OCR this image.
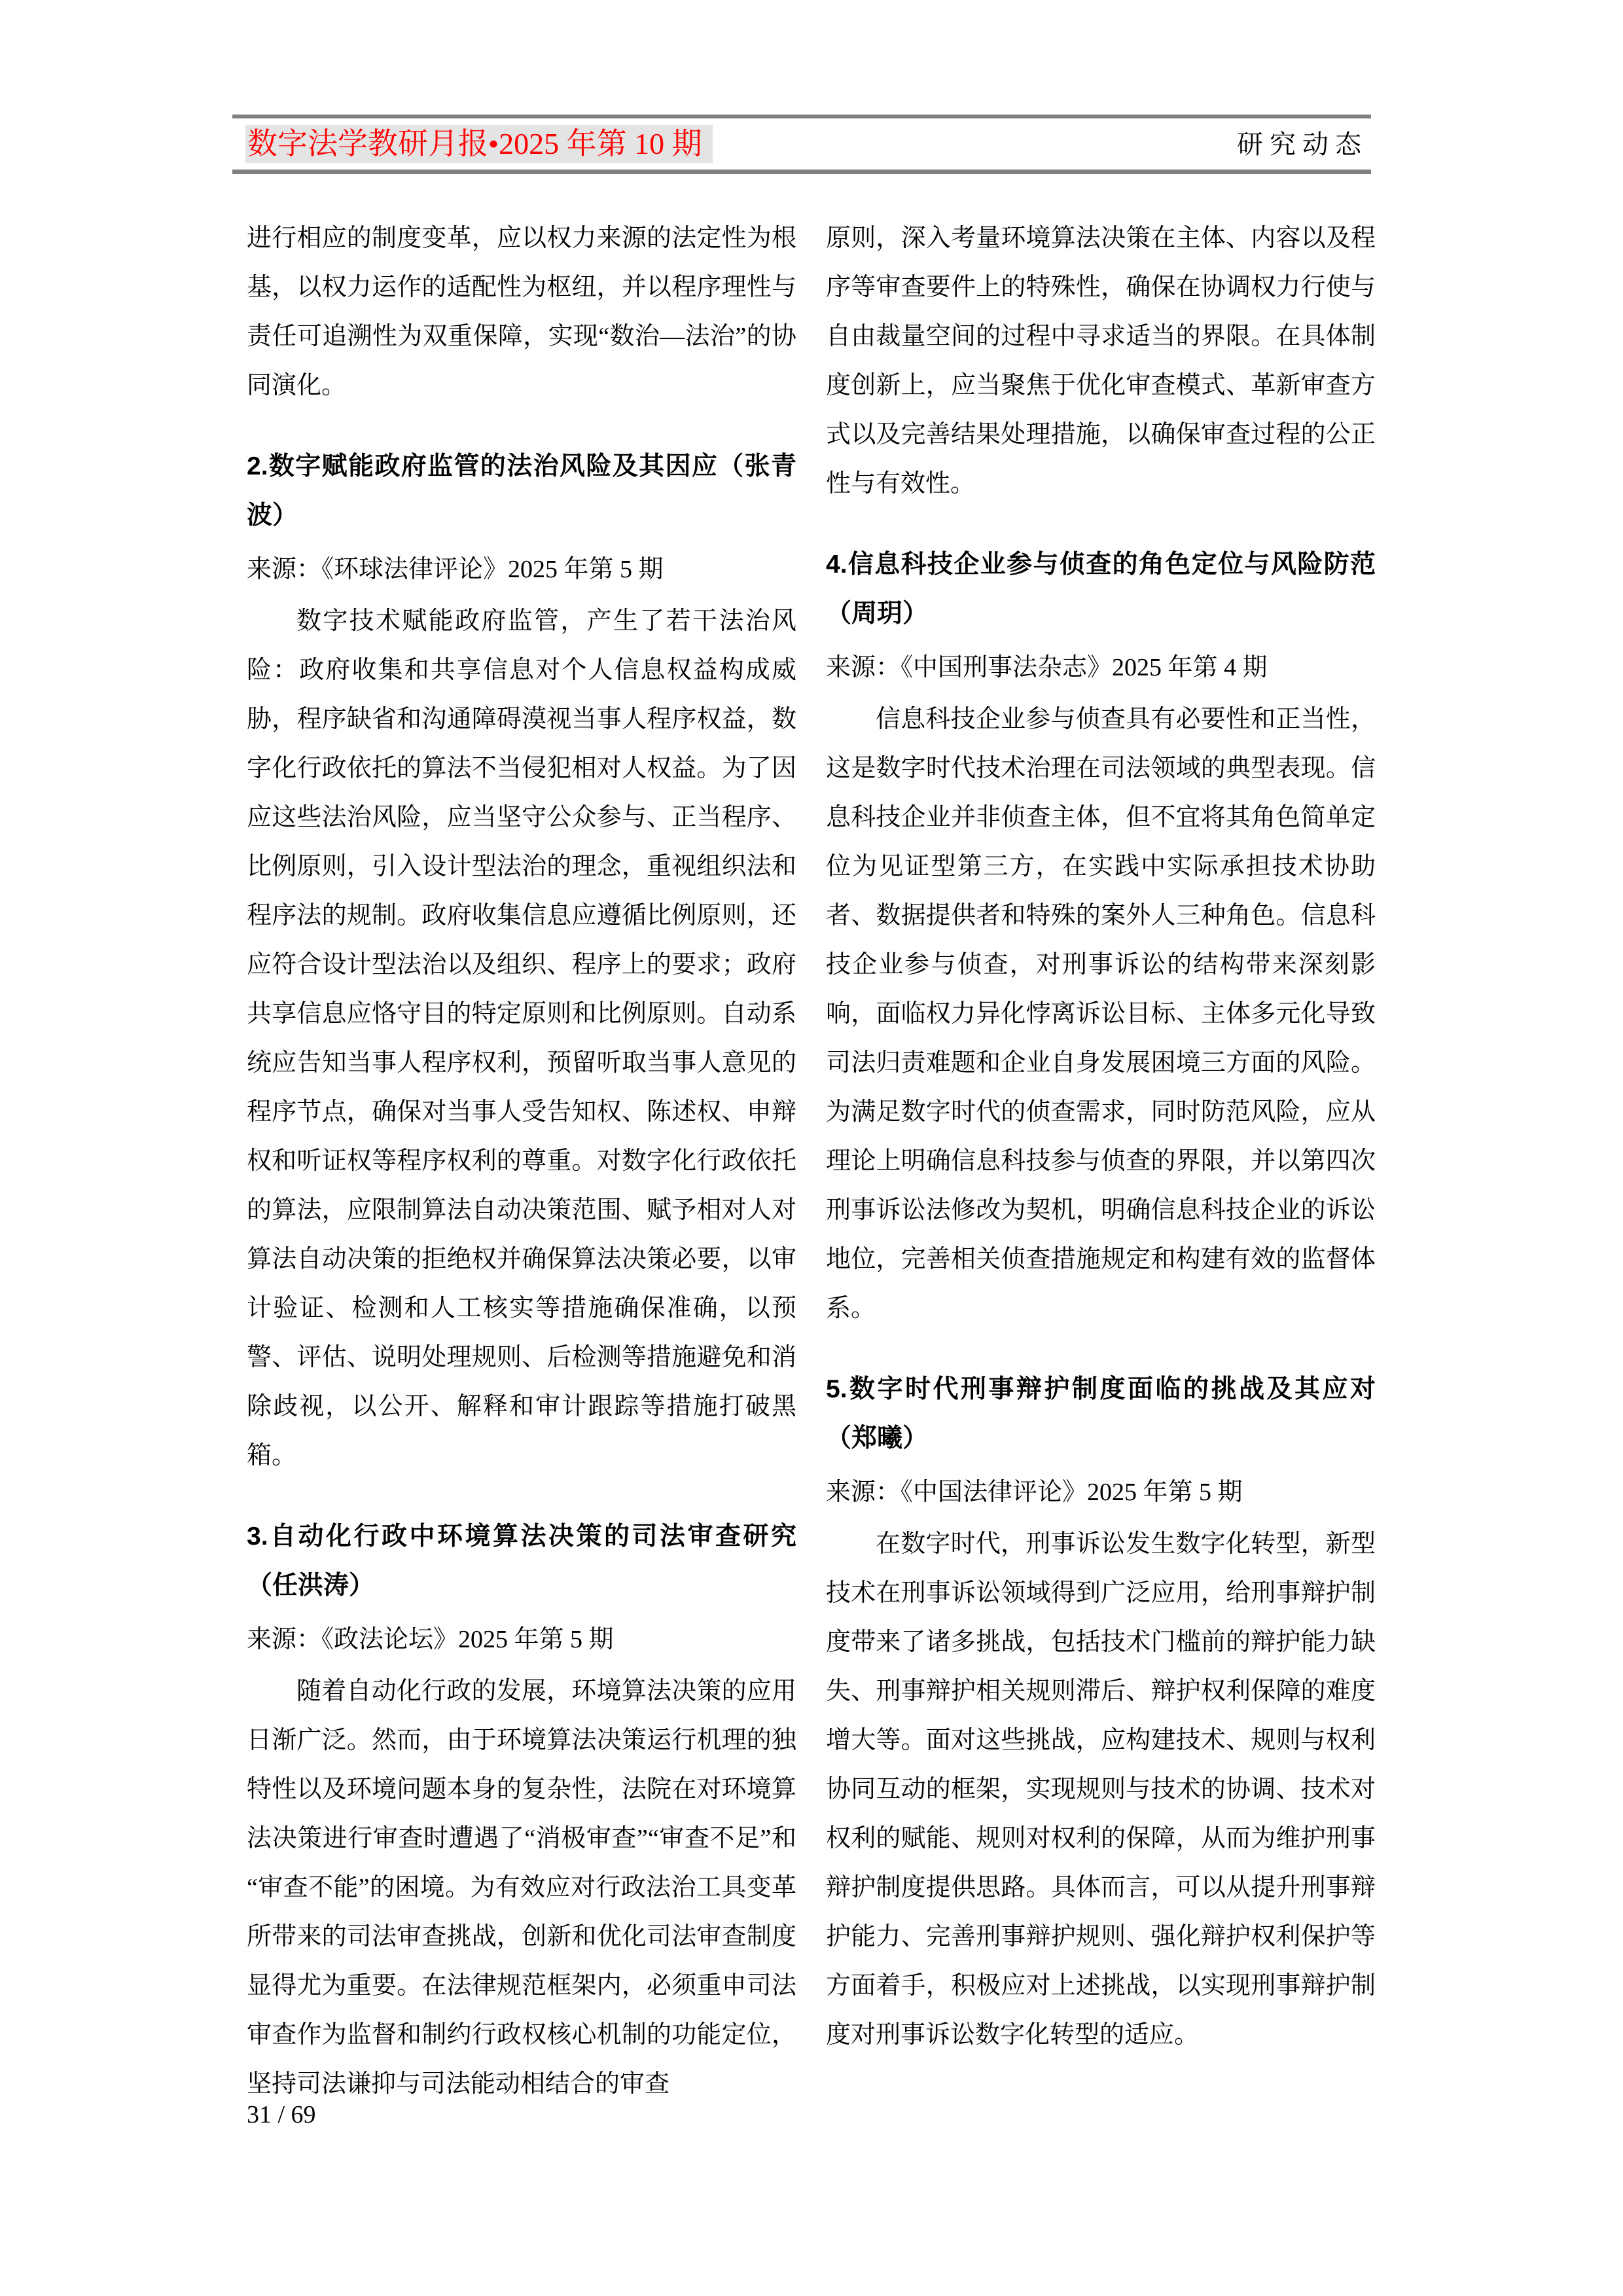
数字法学教研月报•2025 年第 10 期	研究动态

进行相应的制度变革，应以权力来源的法定性为根基，以权力运作的适配性为枢纽，并以程序理性与责任可追溯性为双重保障，实现“数治—法治”的协同演化。

2.数字赋能政府监管的法治风险及其因应（张青波）

来源：《环球法律评论》2025 年第 5 期

数字技术赋能政府监管，产生了若干法治风险：政府收集和共享信息对个人信息权益构成威胁，程序缺省和沟通障碍漠视当事人程序权益，数字化行政依托的算法不当侵犯相对人权益。为了因应这些法治风险，应当坚守公众参与、正当程序、比例原则，引入设计型法治的理念，重视组织法和程序法的规制。政府收集信息应遵循比例原则，还应符合设计型法治以及组织、程序上的要求；政府共享信息应恪守目的特定原则和比例原则。自动系统应告知当事人程序权利，预留听取当事人意见的程序节点，确保对当事人受告知权、陈述权、申辩权和听证权等程序权利的尊重。对数字化行政依托的算法，应限制算法自动决策范围、赋予相对人对算法自动决策的拒绝权并确保算法决策必要，以审计验证、检测和人工核实等措施确保准确，以预警、评估、说明处理规则、后检测等措施避免和消除歧视，以公开、解释和审计跟踪等措施打破黑箱。

3.自动化行政中环境算法决策的司法审查研究（任洪涛）

来源：《政法论坛》2025 年第 5 期

随着自动化行政的发展，环境算法决策的应用日渐广泛。然而，由于环境算法决策运行机理的独特性以及环境问题本身的复杂性，法院在对环境算法决策进行审查时遭遇了“消极审查”“审查不足”和“审查不能”的困境。为有效应对行政法治工具变革所带来的司法审查挑战，创新和优化司法审查制度显得尤为重要。在法律规范框架内，必须重申司法审查作为监督和制约行政权核心机制的功能定位，坚持司法谦抑与司法能动相结合的审查

原则，深入考量环境算法决策在主体、内容以及程序等审查要件上的特殊性，确保在协调权力行使与自由裁量空间的过程中寻求适当的界限。在具体制度创新上，应当聚焦于优化审查模式、革新审查方式以及完善结果处理措施，以确保审查过程的公正性与有效性。

4.信息科技企业参与侦查的角色定位与风险防范（周玥）

来源：《中国刑事法杂志》2025 年第 4 期

信息科技企业参与侦查具有必要性和正当性，这是数字时代技术治理在司法领域的典型表现。信息科技企业并非侦查主体，但不宜将其角色简单定位为见证型第三方，在实践中实际承担技术协助者、数据提供者和特殊的案外人三种角色。信息科技企业参与侦查，对刑事诉讼的结构带来深刻影响，面临权力异化悖离诉讼目标、主体多元化导致司法归责难题和企业自身发展困境三方面的风险。为满足数字时代的侦查需求，同时防范风险，应从理论上明确信息科技参与侦查的界限，并以第四次刑事诉讼法修改为契机，明确信息科技企业的诉讼地位，完善相关侦查措施规定和构建有效的监督体系。

5.数字时代刑事辩护制度面临的挑战及其应对（郑曦）

来源：《中国法律评论》2025 年第 5 期

在数字时代，刑事诉讼发生数字化转型，新型技术在刑事诉讼领域得到广泛应用，给刑事辩护制度带来了诸多挑战，包括技术门槛前的辩护能力缺失、刑事辩护相关规则滞后、辩护权利保障的难度增大等。面对这些挑战，应构建技术、规则与权利协同互动的框架，实现规则与技术的协调、技术对权利的赋能、规则对权利的保障，从而为维护刑事辩护制度提供思路。具体而言，可以从提升刑事辩护能力、完善刑事辩护规则、强化辩护权利保护等方面着手，积极应对上述挑战，以实现刑事辩护制度对刑事诉讼数字化转型的适应。

31 / 69
